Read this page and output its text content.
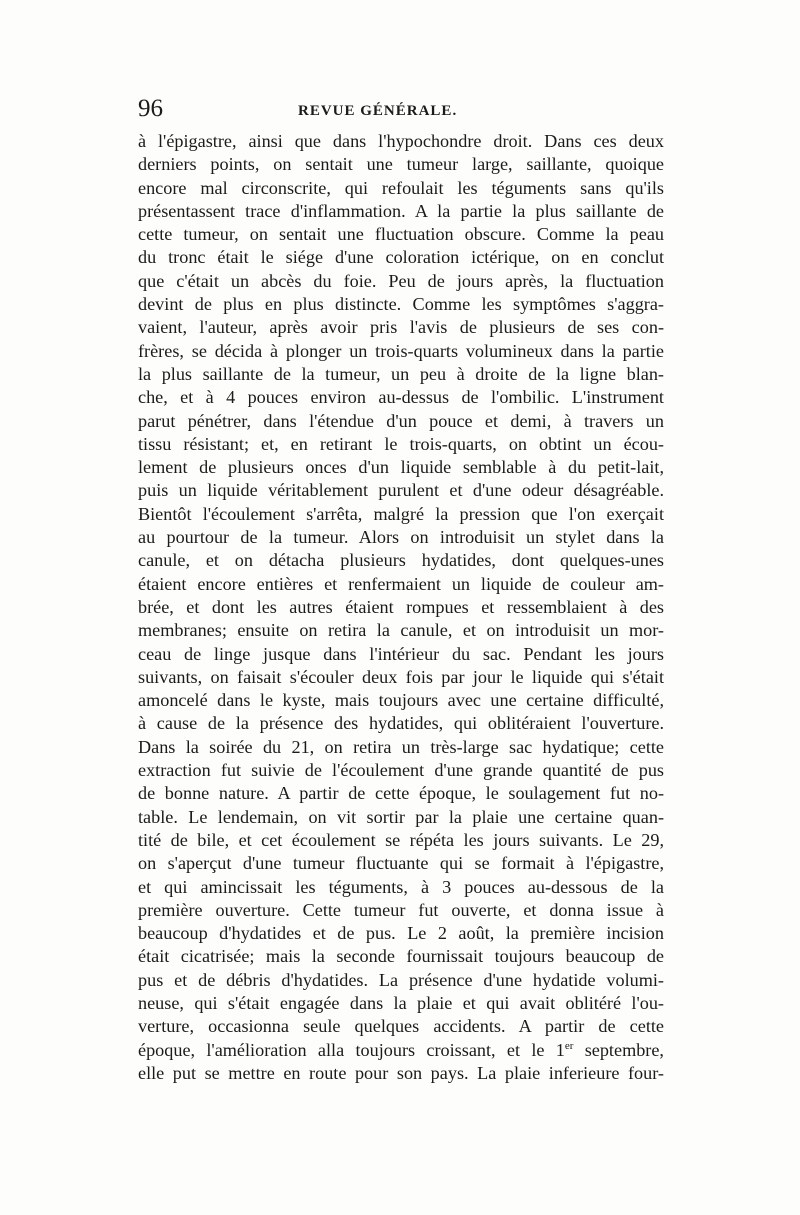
96	REVUE GÉNÉRALE.
à l'épigastre, ainsi que dans l'hypochondre droit. Dans ces deux
derniers points, on sentait une tumeur large, saillante, quoique
encore mal circonscrite, qui refoulait les téguments sans qu'ils
présentassent trace d'inflammation. A la partie la plus saillante de
cette tumeur, on sentait une fluctuation obscure. Comme la peau
du tronc était le siége d'une coloration ictérique, on en conclut
que c'était un abcès du foie. Peu de jours après, la fluctuation
devint de plus en plus distincte. Comme les symptômes s'aggra-
vaient, l'auteur, après avoir pris l'avis de plusieurs de ses con-
frères, se décida à plonger un trois-quarts volumineux dans la partie
la plus saillante de la tumeur, un peu à droite de la ligne blan-
che, et à 4 pouces environ au-dessus de l'ombilic. L'instrument
parut pénétrer, dans l'étendue d'un pouce et demi, à travers un
tissu résistant; et, en retirant le trois-quarts, on obtint un écou-
lement de plusieurs onces d'un liquide semblable à du petit-lait,
puis un liquide véritablement purulent et d'une odeur désagréable.
Bientôt l'écoulement s'arrêta, malgré la pression que l'on exerçait
au pourtour de la tumeur. Alors on introduisit un stylet dans la
canule, et on détacha plusieurs hydatides, dont quelques-unes
étaient encore entières et renfermaient un liquide de couleur am-
brée, et dont les autres étaient rompues et ressemblaient à des
membranes; ensuite on retira la canule, et on introduisit un mor-
ceau de linge jusque dans l'intérieur du sac. Pendant les jours
suivants, on faisait s'écouler deux fois par jour le liquide qui s'était
amoncelé dans le kyste, mais toujours avec une certaine difficulté,
à cause de la présence des hydatides, qui oblitéraient l'ouverture.
Dans la soirée du 21, on retira un très-large sac hydatique; cette
extraction fut suivie de l'écoulement d'une grande quantité de pus
de bonne nature. A partir de cette époque, le soulagement fut no-
table. Le lendemain, on vit sortir par la plaie une certaine quan-
tité de bile, et cet écoulement se répéta les jours suivants. Le 29,
on s'aperçut d'une tumeur fluctuante qui se formait à l'épigastre,
et qui amincissait les téguments, à 3 pouces au-dessous de la
première ouverture. Cette tumeur fut ouverte, et donna issue à
beaucoup d'hydatides et de pus. Le 2 août, la première incision
était cicatrisée; mais la seconde fournissait toujours beaucoup de
pus et de débris d'hydatides. La présence d'une hydatide volumi-
neuse, qui s'était engagée dans la plaie et qui avait oblitéré l'ou-
verture, occasionna seule quelques accidents. A partir de cette
époque, l'amélioration alla toujours croissant, et le 1er septembre,
elle put se mettre en route pour son pays. La plaie inferieure four-
